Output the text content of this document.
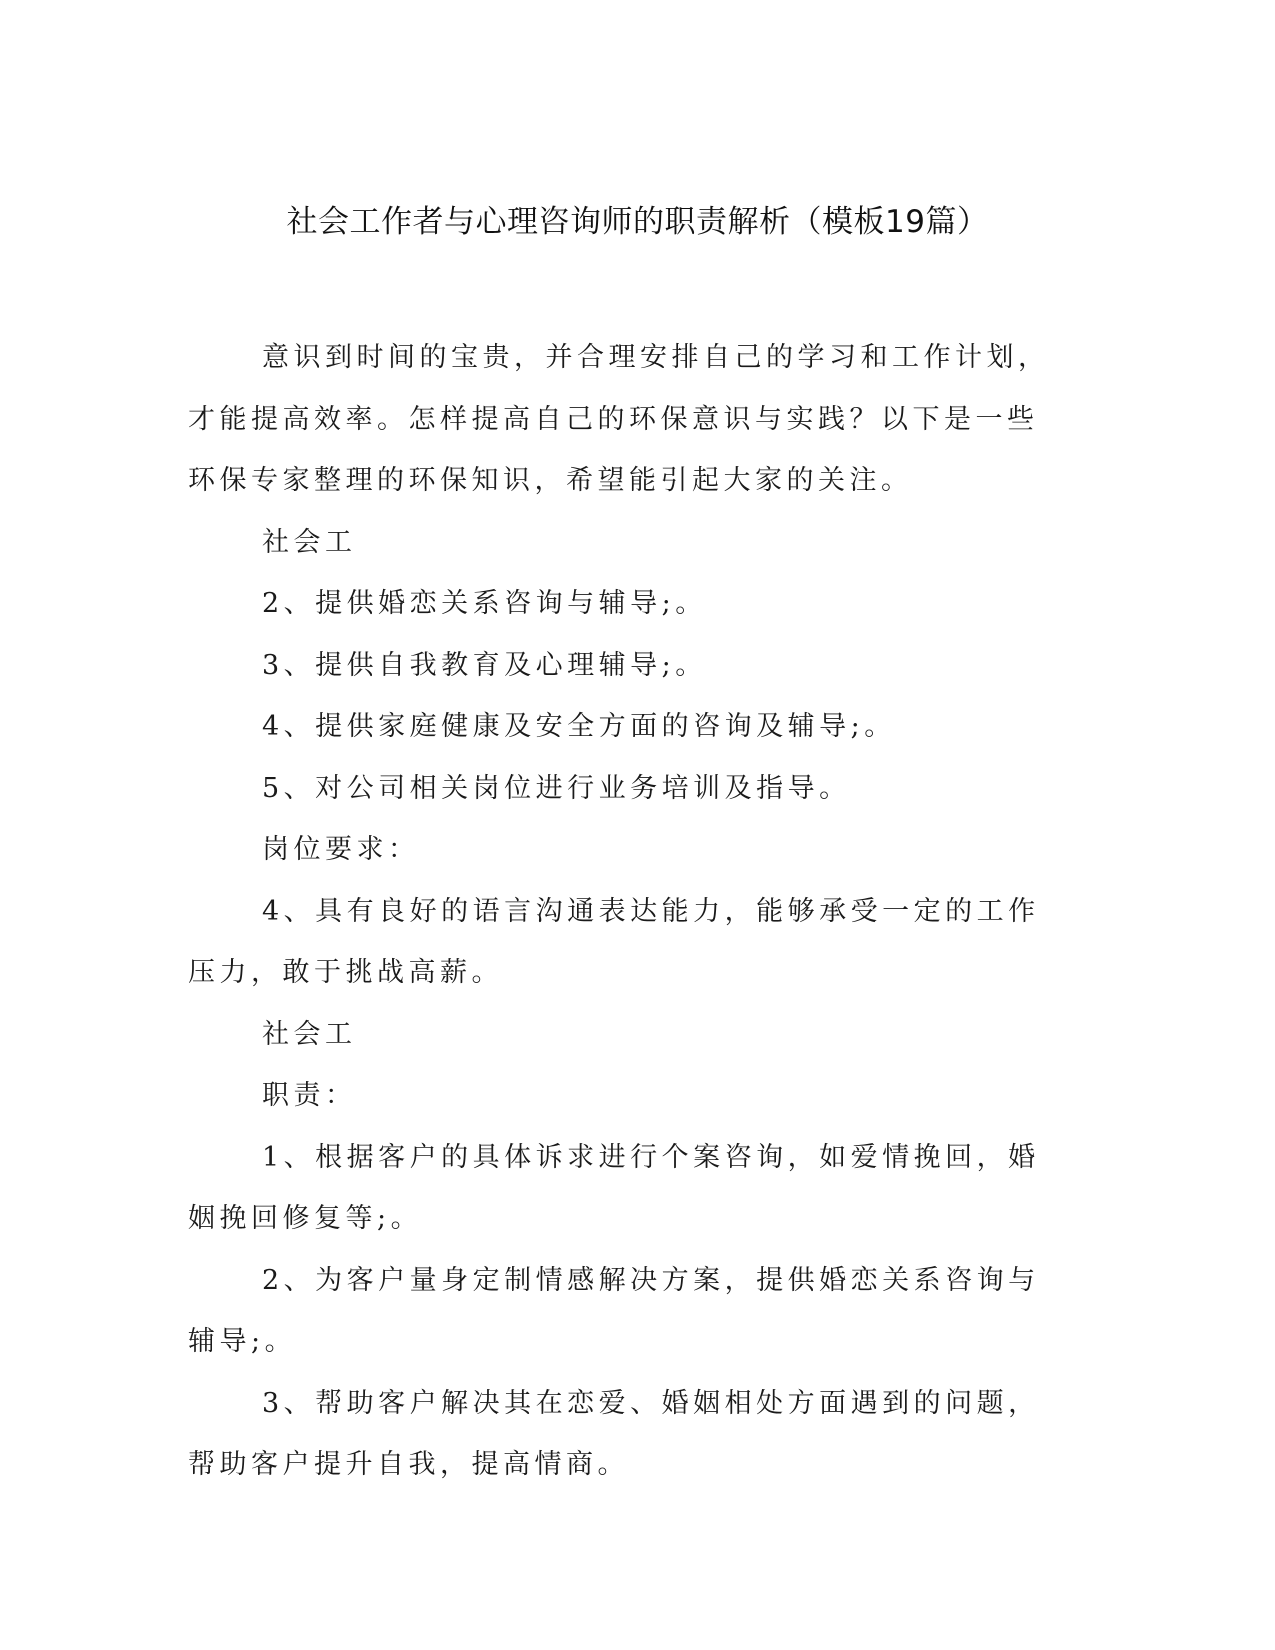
社会工作者与心理咨询师的职责解析（模板19篇）

意识到时间的宝贵，并合理安排自己的学习和工作计划，才能提高效率。怎样提高自己的环保意识与实践？以下是一些环保专家整理的环保知识，希望能引起大家的关注。

社会工

2、提供婚恋关系咨询与辅导;。

3、提供自我教育及心理辅导;。

4、提供家庭健康及安全方面的咨询及辅导;。

5、对公司相关岗位进行业务培训及指导。

岗位要求：

4、具有良好的语言沟通表达能力，能够承受一定的工作压力，敢于挑战高薪。

社会工

职责：

1、根据客户的具体诉求进行个案咨询，如爱情挽回，婚姻挽回修复等;。

2、为客户量身定制情感解决方案，提供婚恋关系咨询与辅导;。

3、帮助客户解决其在恋爱、婚姻相处方面遇到的问题，帮助客户提升自我，提高情商。
